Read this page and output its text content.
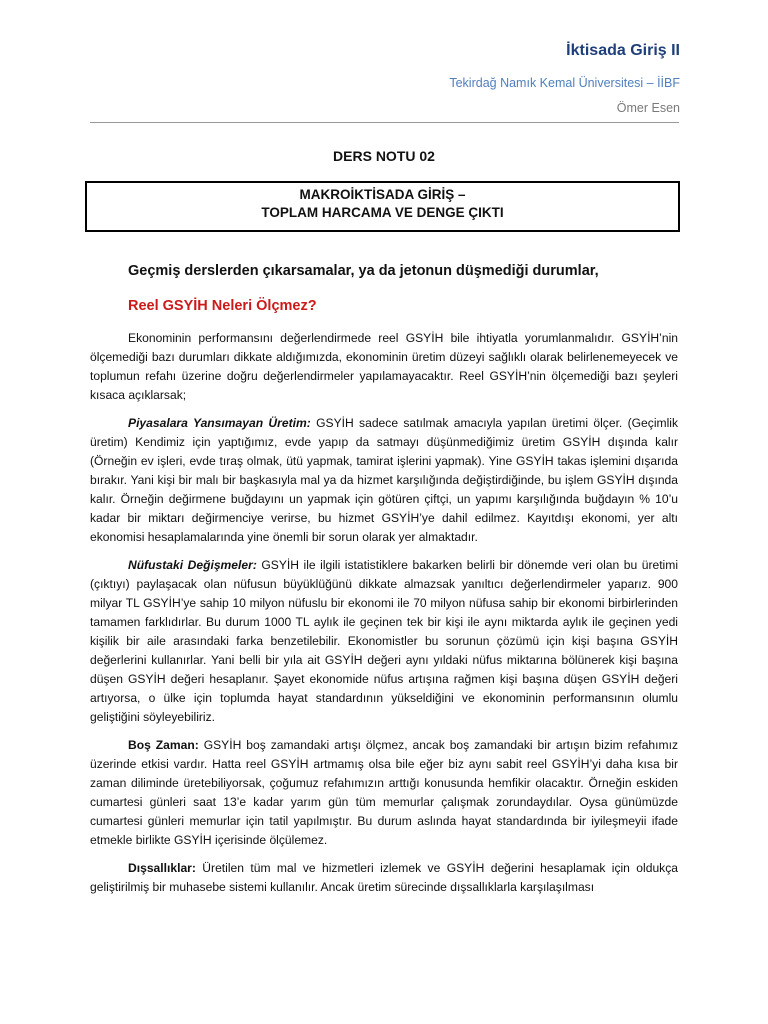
İktisada Giriş II
Tekirdağ Namık Kemal Üniversitesi – İİBF
Ömer Esen
DERS NOTU 02
MAKROİKTİSADA GİRİŞ –
TOPLAM HARCAMA VE DENGE ÇIKTI
Geçmiş derslerden çıkarsamalar, ya da jetonun düşmediği durumlar,
Reel GSYİH Neleri Ölçmez?

Ekonominin performansını değerlendirmede reel GSYİH bile ihtiyatla yorumlanmalıdır. GSYİH’nin ölçemediği bazı durumları dikkate aldığımızda, ekonominin üretim düzeyi sağlıklı olarak belirlenemeyecek ve toplumun refahı üzerine doğru değerlendirmeler yapılamayacaktır. Reel GSYİH’nin ölçemediği bazı şeyleri kısaca açıklarsak;

Piyasalara Yansımayan Üretim: GSYİH sadece satılmak amacıyla yapılan üretimi ölçer. (Geçimlik üretim) Kendimiz için yaptığımız, evde yapıp da satmayı düşünmediğimiz üretim GSYİH dışında kalır (Örneğin ev işleri, evde tıraş olmak, ütü yapmak, tamirat işlerini yapmak). Yine GSYİH takas işlemini dışarıda bırakır. Yani kişi bir malı bir başkasıyla mal ya da hizmet karşılığında değiştirdiğinde, bu işlem GSYİH dışında kalır. Örneğin değirmene buğdayını un yapmak için götüren çiftçi, un yapımı karşılığında buğdayın % 10’u kadar bir miktarı değirmenciye verirse, bu hizmet GSYİH’ye dahil edilmez. Kayıtdışı ekonomi, yer altı ekonomisi hesaplamalarında yine önemli bir sorun olarak yer almaktadır.

Nüfustaki Değişmeler: GSYİH ile ilgili istatistiklere bakarken belirli bir dönemde veri olan bu üretimi (çıktıyı) paylaşacak olan nüfusun büyüklüğünü dikkate almazsak yanıltıcı değerlendirmeler yaparız. 900 milyar TL GSYİH’ye sahip 10 milyon nüfuslu bir ekonomi ile 70 milyon nüfusa sahip bir ekonomi birbirlerinden tamamen farklıdırlar. Bu durum 1000 TL aylık ile geçinen tek bir kişi ile aynı miktarda aylık ile geçinen yedi kişilik bir aile arasındaki farka benzetilebilir. Ekonomistler bu sorunun çözümü için kişi başına GSYİH değerlerini kullanırlar. Yani belli bir yıla ait GSYİH değeri aynı yıldaki nüfus miktarına bölünerek kişi başına düşen GSYİH değeri hesaplanır. Şayet ekonomide nüfus artışına rağmen kişi başına düşen GSYİH değeri artıyorsa, o ülke için toplumda hayat standardının yükseldiğini ve ekonominin performansının olumlu geliştiğini söyleyebiliriz.

Boş Zaman: GSYİH boş zamandaki artışı ölçmez, ancak boş zamandaki bir artışın bizim refahımız üzerinde etkisi vardır. Hatta reel GSYİH artmamış olsa bile eğer biz aynı sabit reel GSYİH’yi daha kısa bir zaman diliminde üretebiliyorsak, çoğumuz refahımızın arttığı konusunda hemfikir olacaktır. Örneğin eskiden cumartesi günleri saat 13’e kadar yarım gün tüm memurlar çalışmak zorundaydılar. Oysa günümüzde cumartesi günleri memurlar için tatil yapılmıştır. Bu durum aslında hayat standardında bir iyileşmeyii ifade etmekle birlikte GSYİH içerisinde ölçülemez.

Dışsallıklar: Üretilen tüm mal ve hizmetleri izlemek ve GSYİH değerini hesaplamak için oldukça geliştirilmiş bir muhasebe sistemi kullanılır. Ancak üretim sürecinde dışsallıklarla karşılaşılması
